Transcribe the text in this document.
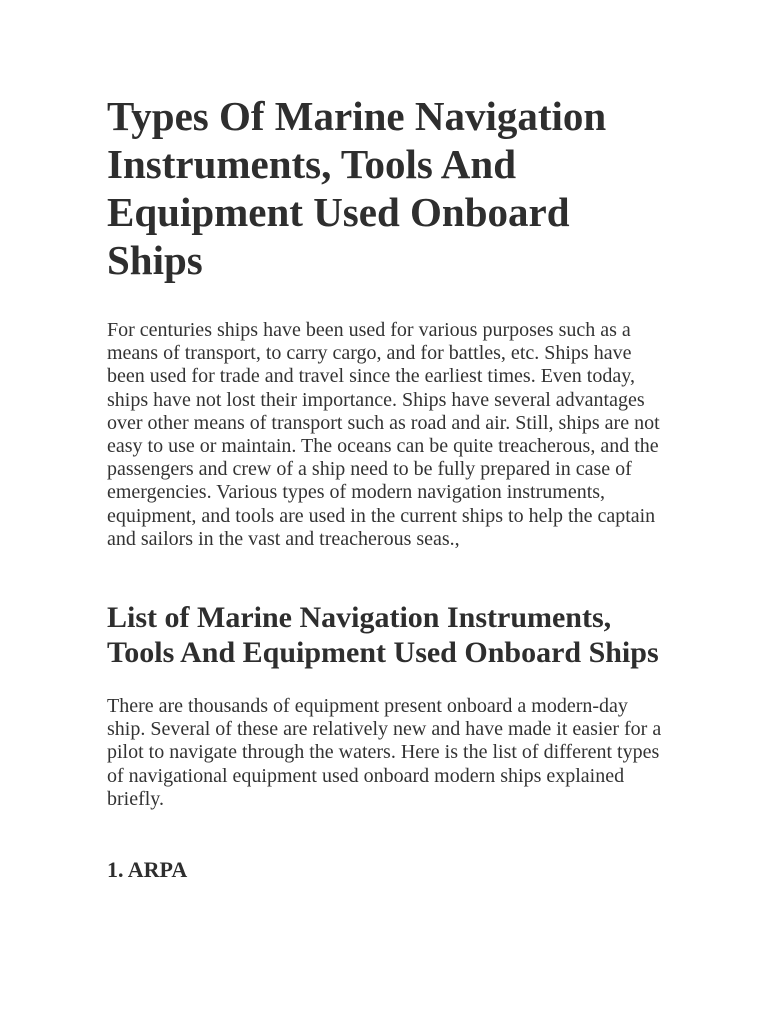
Types Of Marine Navigation Instruments, Tools And Equipment Used Onboard Ships

For centuries ships have been used for various purposes such as a means of transport, to carry cargo, and for battles, etc. Ships have been used for trade and travel since the earliest times. Even today, ships have not lost their importance. Ships have several advantages over other means of transport such as road and air. Still, ships are not easy to use or maintain. The oceans can be quite treacherous, and the passengers and crew of a ship need to be fully prepared in case of emergencies. Various types of modern navigation instruments, equipment, and tools are used in the current ships to help the captain and sailors in the vast and treacherous seas.,

List of Marine Navigation Instruments, Tools And Equipment Used Onboard Ships

There are thousands of equipment present onboard a modern-day ship. Several of these are relatively new and have made it easier for a pilot to navigate through the waters. Here is the list of different types of navigational equipment used onboard modern ships explained briefly.

1. ARPA
